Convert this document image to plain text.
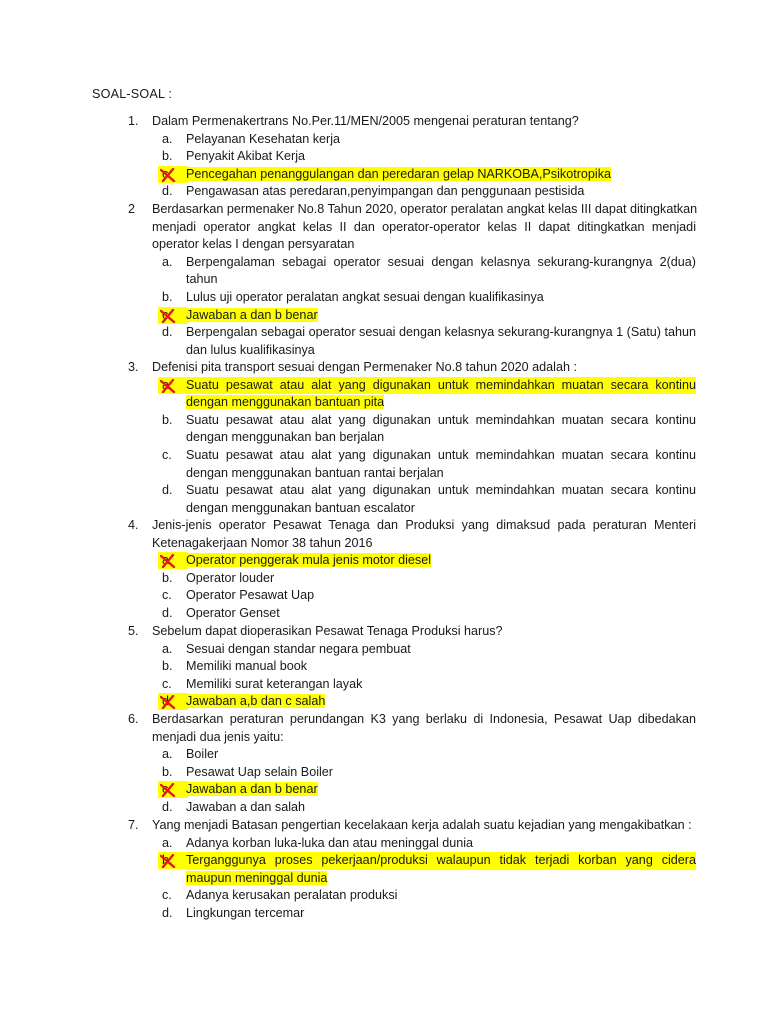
SOAL-SOAL :
1. Dalam Permenakertrans No.Per.11/MEN/2005 mengenai peraturan tentang?
a. Pelayanan Kesehatan kerja
b. Penyakit Akibat Kerja
c. Pencegahan penanggulangan dan peredaran gelap NARKOBA,Psikotropika
d. Pengawasan atas peredaran,penyimpangan dan penggunaan pestisida
2 Berdasarkan permenaker No.8 Tahun 2020, operator peralatan angkat kelas III dapat ditingkatkan
menjadi operator angkat kelas II dan operator-operator kelas II dapat ditingkatkan menjadi
operator kelas I dengan persyaratan
a. Berpengalaman sebagai operator sesuai dengan kelasnya sekurang-kurangnya 2(dua)
tahun
b. Lulus uji operator peralatan angkat sesuai dengan kualifikasinya
c. Jawaban a dan b benar
d. Berpengalan sebagai operator sesuai dengan kelasnya sekurang-kurangnya 1 (Satu) tahun
dan lulus kualifikasinya
3. Defenisi pita transport sesuai dengan Permenaker No.8 tahun 2020 adalah :
a. Suatu pesawat atau alat yang digunakan untuk memindahkan muatan secara kontinu
dengan menggunakan bantuan pita
b. Suatu pesawat atau alat yang digunakan untuk memindahkan muatan secara kontinu
dengan menggunakan ban berjalan
c. Suatu pesawat atau alat yang digunakan untuk memindahkan muatan secara kontinu
dengan menggunakan bantuan rantai berjalan
d. Suatu pesawat atau alat yang digunakan untuk memindahkan muatan secara kontinu
dengan menggunakan bantuan escalator
4. Jenis-jenis operator Pesawat Tenaga dan Produksi yang dimaksud pada peraturan Menteri
Ketenagakerjaan Nomor 38 tahun 2016
a. Operator penggerak mula jenis motor diesel
b. Operator louder
c. Operator Pesawat Uap
d. Operator Genset
5. Sebelum dapat dioperasikan Pesawat Tenaga Produksi harus?
a. Sesuai dengan standar negara pembuat
b. Memiliki manual book
c. Memiliki surat keterangan layak
d. Jawaban a,b dan c salah
6. Berdasarkan peraturan perundangan K3 yang berlaku di Indonesia, Pesawat Uap dibedakan
menjadi dua jenis yaitu:
a. Boiler
b. Pesawat Uap selain Boiler
c. Jawaban a dan b benar
d. Jawaban a dan salah
7. Yang menjadi Batasan pengertian kecelakaan kerja adalah suatu kejadian yang mengakibatkan :
a. Adanya korban luka-luka dan atau meninggal dunia
b. Terganggunya proses pekerjaan/produksi walaupun tidak terjadi korban yang cidera
maupun meninggal dunia
c. Adanya kerusakan peralatan produksi
d. Lingkungan tercemar
